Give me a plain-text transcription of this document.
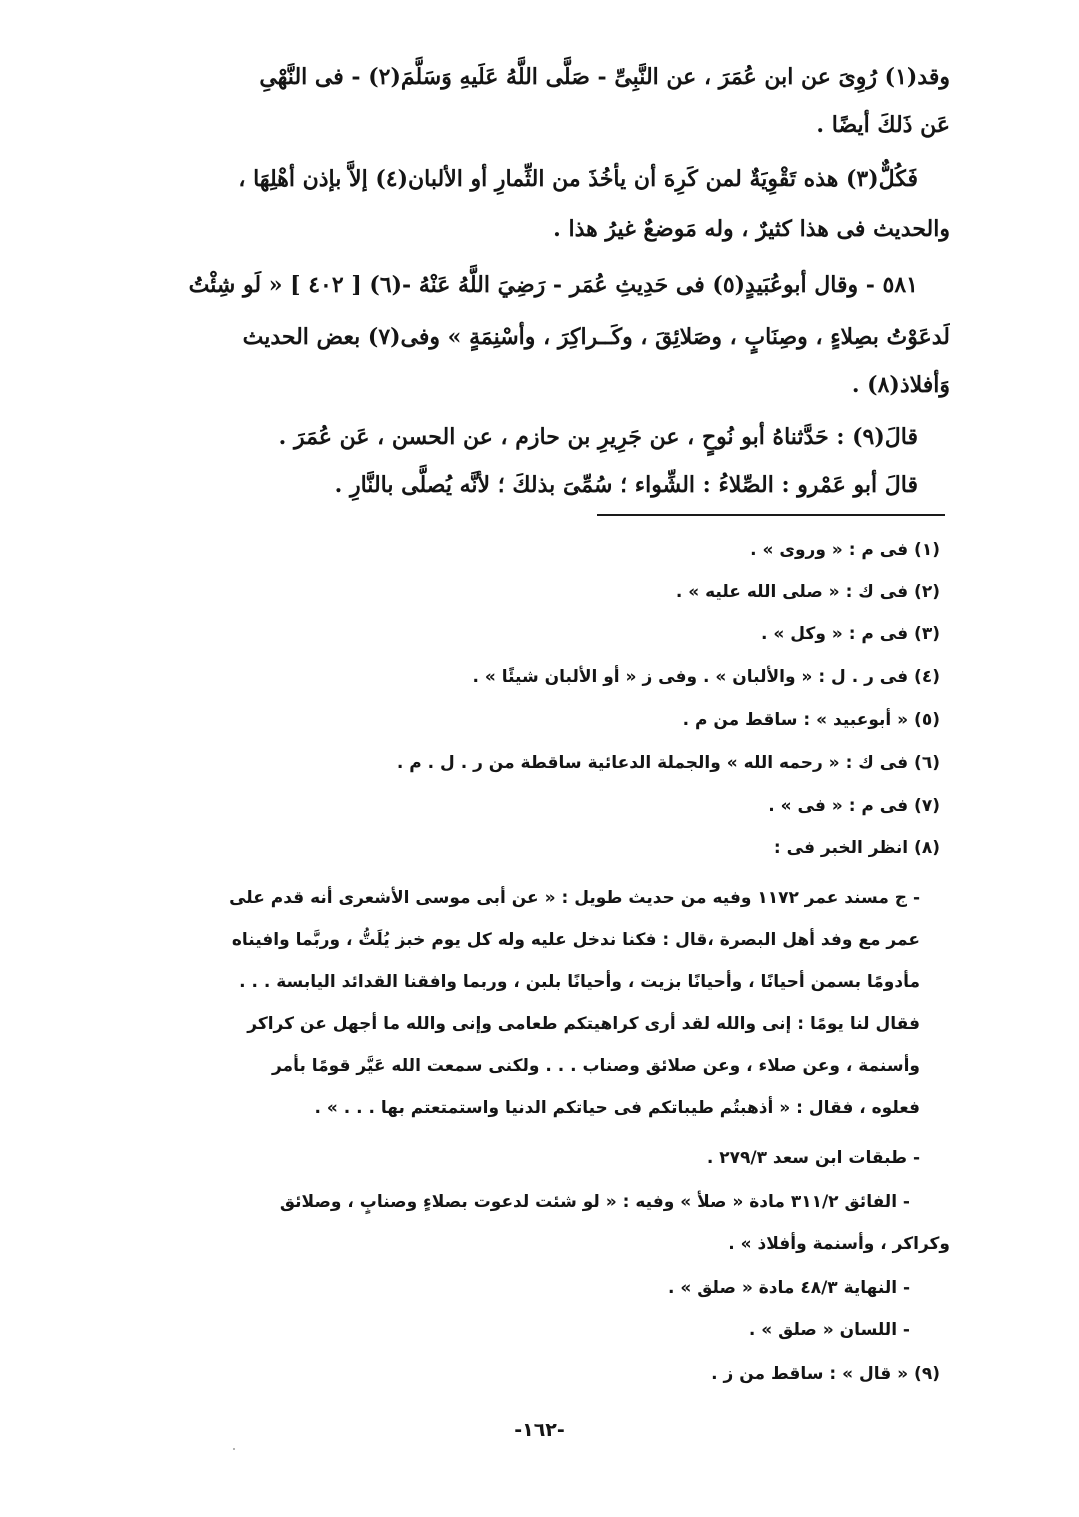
وقد(١) رُوِىَ عن ابن عُمَرَ ، عن النَّبِىِّ - صَلَّى اللَّهُ عَلَيهِ وَسَلَّمَ(٢) - فى النَّهْىِ
عَن ذَلكَ أيضًا .
فَكُلٌّ(٣) هذه تَقْوِيَةٌ لمن كَرِهَ أن يأخُذَ من الثِّمارِ أو الألبان(٤) إلاَّ بإذن أهْلِهَا ،
والحديث فى هذا كثيرٌ ، وله مَوضعٌ غيرُ هذا .
٥٨١ - وقال أبوعُبَيدٍ(٥) فى حَدِيثِ عُمَر - رَضِيَ اللَّهُ عَنْهُ -(٦) [ ٤٠٢ ] « لَو شِئْتُ
لَدعَوْتُ بصِلاءٍ ، وصِنَابٍ ، وصَلائِقَ ، وكَــراكِرَ ، وأسْنِمَةٍ » وفى(٧) بعض الحديث
وَأفلاذ(٨) .
قالَ(٩) : حَدَّثناهُ أبو نُوحٍ ، عن جَرِيرِ بن حازم ، عن الحسن ، عَن عُمَرَ .
قالَ أبو عَمْرو : الصِّلاءُ : الشِّواء ؛ سُمِّىَ بذلكَ ؛ لأنَّه يُصلَّى بالنَّارِ .
(١) فى م : « وروى » .
(٢) فى ك : « صلى الله عليه » .
(٣) فى م : « وكل » .
(٤) فى ر . ل : « والألبان » . وفى ز « أو الألبان شيئًا » .
(٥) « أبوعبيد » : ساقط من م .
(٦) فى ك : « رحمه الله » والجملة الدعائية ساقطة من ر . ل . م .
(٧) فى م : « فى » .
(٨) انظر الخبر فى :
- ج مسند عمر ١١٧٢ وفيه من حديث طويل : « عن أبى موسى الأشعرى أنه قدم على
عمر مع وفد أهل البصرة ،قال : فكنا ندخل عليه وله كل يوم خبز يُلَتُّ ، وربَّما وافيناه
مأدومًا بسمن أحيانًا ، وأحيانًا بزيت ، وأحيانًا بلبن ، وربما وافقنا القدائد اليابسة . . .
فقال لنا يومًا : إنى والله لقد أرى كراهيتكم طعامى وإنى والله ما أجهل عن كراكر
وأسنمة ، وعن صلاء ، وعن صلائق وصناب . . . ولكنى سمعت الله عَيَّر قومًا بأمر
فعلوه ، فقال : « أذهبتُم طيباتكم فى حياتكم الدنيا واستمتعتم بها . . . » .
- طبقات ابن سعد ٢٧٩/٣ .
- الفائق ٣١١/٢ مادة « صلأ » وفيه : « لو شئت لدعوت بصلاءٍ وصنابٍ ، وصلائق
وكراكر ، وأسنمة وأفلاذ » .
- النهاية ٤٨/٣ مادة « صلق » .
- اللسان « صلق » .
(٩) « قال » : ساقط من ز .
-١٦٢-
